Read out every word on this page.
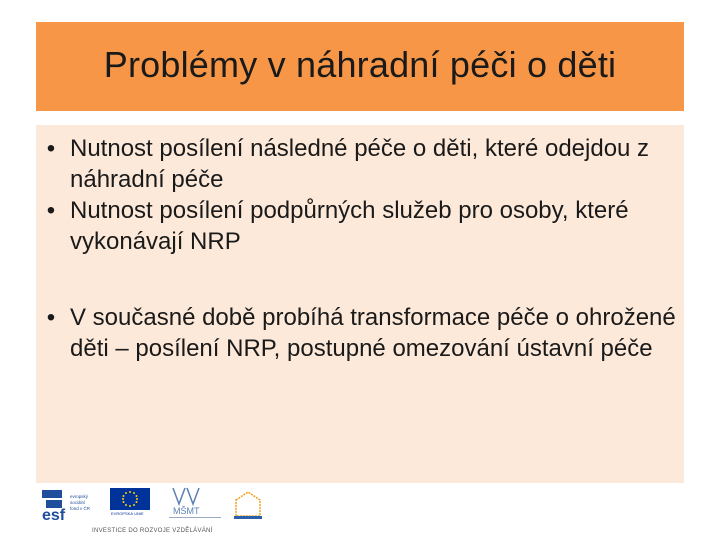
Problémy v náhradní péči o děti
• Nutnost posílení následné péče o děti, které odejdou z náhradní péče
• Nutnost posílení podpůrných služeb pro osoby, které vykonávají NRP
• V současné době probíhá transformace péče o ohrožené děti – posílení NRP, postupné omezování ústavní péče
esf
evropský
sociální
fond v ČR
EVROPSKÁ UNIE	MŠMT
INVESTICE DO ROZVOJE VZDĚLÁVÁNÍ
